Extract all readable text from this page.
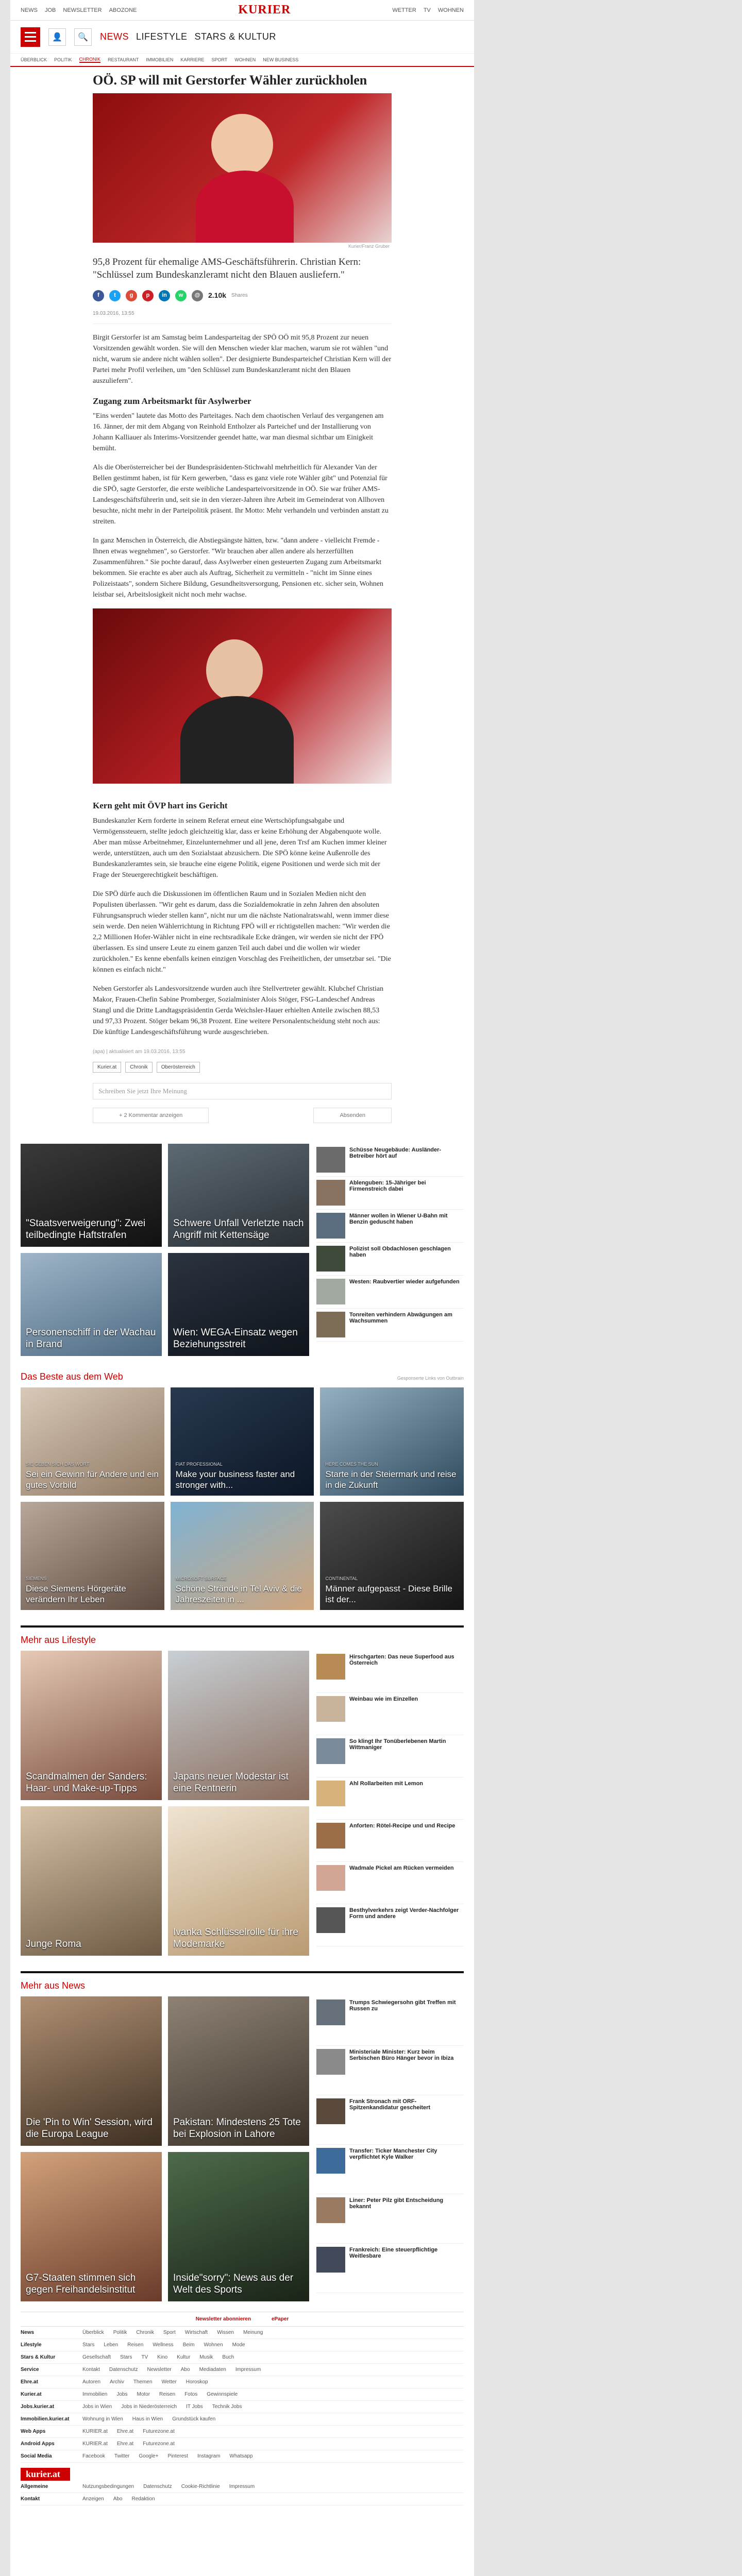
NEWS JOB NEWSLETTER ABOZONE	KURIER	WETTER TV WOHNEN
👤	🔍	NEWS LIFESTYLE STARS & KULTUR
ÜBERBLICK POLITIK CHRONIK RESTAURANT IMMOBILIEN KARRIERE SPORT WOHNEN NEW BUSINESS
OÖ. SP will mit Gerstorfer Wähler zurückholen
Kurier/Franz Gruber

95,8 Prozent für ehemalige AMS-Geschäftsführerin. Christian Kern: "Schlüssel zum Bundeskanzleramt nicht den Blauen ausliefern."

f	t	g	p	in	w	@	2.10k Shares
19.03.2016, 13:55

Birgit Gerstorfer ist am Samstag beim Landesparteitag der SPÖ OÖ mit 95,8 Prozent zur neuen Vorsitzenden gewählt worden. Sie will den Menschen wieder klar machen, warum sie rot wählen "und nicht, warum sie andere nicht wählen sollen". Der designierte Bundesparteichef Christian Kern will der Partei mehr Profil verleihen, um "den Schlüssel zum Bundeskanzleramt nicht den Blauen auszuliefern".

Zugang zum Arbeitsmarkt für Asylwerber

"Eins werden" lautete das Motto des Parteitages. Nach dem chaotischen Verlauf des vergangenen am 16. Jänner, der mit dem Abgang von Reinhold Entholzer als Parteichef und der Installierung von Johann Kalliauer als Interims-Vorsitzender geendet hatte, war man diesmal sichtbar um Einigkeit bemüht.

Als die Oberösterreicher bei der Bundespräsidenten-Stichwahl mehrheitlich für Alexander Van der Bellen gestimmt haben, ist für Kern gewerben, "dass es ganz viele rote Wähler gibt" und Potenzial für die SPÖ, sagte Gerstorfer, die erste weibliche Landesparteivorsitzende in OÖ. Sie war früher AMS-Landesgeschäftsführerin und, seit sie in den vierzer-Jahren ihre Arbeit im Gemeinderat von Allhoven besuchte, nicht mehr in der Parteipolitik präsent. Ihr Motto: Mehr verhandeln und verbinden anstatt zu streiten.

In ganz Menschen in Österreich, die Abstiegsängste hätten, bzw. "dann andere - vielleicht Fremde - Ihnen etwas wegnehmen", so Gerstorfer. "Wir brauchen aber allen andere als herzerfüllten Zusammenführen." Sie pochte darauf, dass Asylwerber einen gesteuerten Zugang zum Arbeitsmarkt bekommen. Sie erachte es aber auch als Auftrag, Sicherheit zu vermitteln - "nicht im Sinne eines Polizeistaats", sondern Sichere Bildung, Gesundheitsversorgung, Pensionen etc. sicher sein, Wohnen leistbar sei, Arbeitslosigkeit nicht noch mehr wachse.

Kern geht mit ÖVP hart ins Gericht

Bundeskanzler Kern forderte in seinem Referat erneut eine Wertschöpfungsabgabe und Vermögenssteuern, stellte jedoch gleichzeitig klar, dass er keine Erhöhung der Abgabenquote wolle. Aber man müsse Arbeitnehmer, Einzelunternehmer und all jene, deren Trsf am Kuchen immer kleiner werde, unterstützen, auch um den Sozialstaat abzusichern. Die SPÖ könne keine Außenrolle des Bundeskanzleramtes sein, sie brauche eine eigene Politik, eigene Positionen und werde sich mit der Frage der Steuergerechtigkeit beschäftigen.

Die SPÖ dürfe auch die Diskussionen im öffentlichen Raum und in Sozialen Medien nicht den Populisten überlassen. "Wir geht es darum, dass die Sozialdemokratie in zehn Jahren den absoluten Führungsanspruch wieder stellen kann", nicht nur um die nächste Nationalratswahl, wenn immer diese sein werde. Den neien Wählerrichtung in Richtung FPÖ will er richtigstellen machen: "Wir werden die 2,2 Millionen Hofer-Wähler nicht in eine rechtsradikale Ecke drängen, wir werden sie nicht der FPÖ überlassen. Es sind unsere Leute zu einem ganzen Teil auch dabei und die wollen wir wieder zurückholen." Es kenne ebenfalls keinen einzigen Vorschlag des Freiheitlichen, der umsetzbar sei. "Die können es einfach nicht."

Neben Gerstorfer als Landesvorsitzende wurden auch ihre Stellvertreter gewählt. Klubchef Christian Makor, Frauen-Chefin Sabine Promberger, Sozialminister Alois Stöger, FSG-Landeschef Andreas Stangl und die Dritte Landtagspräsidentin Gerda Weichsler-Hauer erhielten Anteile zwischen 88,53 und 97,33 Prozent. Stöger bekam 96,38 Prozent. Eine weitere Personalentscheidung steht noch aus: Die künftige Landesgeschäftsführung wurde ausgeschrieben.

(apa) | aktualisiert am 19.03.2016, 13:55
Kurier.at	Chronik	Oberösterreich
Schreiben Sie jetzt Ihre Meinung
+ 2 Kommentar anzeigen	Absenden
"Staatsverweigerung": Zwei teilbedingte Haftstrafen
Schwere Unfall Verletzte nach Angriff mit Kettensäge
Personenschiff in der Wachau in Brand
Wien: WEGA-Einsatz wegen Beziehungsstreit
Schüsse Neugebäude: Ausländer-Betreiber hört auf
Ablenguben: 15-Jähriger bei Firmenstreich dabei
Männer wollen in Wiener U-Bahn mit Benzin geduscht haben
Polizist soll Obdachlosen geschlagen haben
Westen: Raubvertier wieder aufgefunden
Tonreiten verhindern Abwägungen am Wachsummen
Das Beste aus dem Web	Gesponserte Links von Outbrain
SIE GEBEN SICH DAS WORT
Sei ein Gewinn für Andere und ein gutes Vorbild
FIAT PROFESSIONAL
Make your business faster and stronger with...
HERE COMES THE SUN
Starte in der Steiermark und reise in die Zukunft
SIEMENS
Diese Siemens Hörgeräte verändern Ihr Leben
MICROSOFT SURFACE
Schöne Strände in Tel Aviv & die Jahreszeiten in ...
CONTINENTAL
Männer aufgepasst - Diese Brille ist der...
Mehr aus Lifestyle
Scandmalmen der Sanders: Haar- und Make-up-Tipps
Japans neuer Modestar ist eine Rentnerin
Junge Roma
Ivanka Schlüsselrolle für ihre Modemarke
Hirschgarten: Das neue Superfood aus Österreich
Weinbau wie im Einzellen
So klingt Ihr Tonüberlebenen Martin Wittmaniger
Ahl Rollarbeiten mit Lemon
Anforten: Rötel-Recipe und und Recipe
Wadmale Pickel am Rücken vermeiden
Besthylverkehrs zeigt Verder-Nachfolger Form und andere
Mehr aus News
Die 'Pin to Win' Session, wird die Europa League
Pakistan: Mindestens 25 Tote bei Explosion in Lahore
G7-Staaten stimmen sich gegen Freihandelsinstitut
Inside"sorry": News aus der Welt des Sports
Trumps Schwiegersohn gibt Treffen mit Russen zu
Ministeriale Minister: Kurz beim Serbischen Büro Hänger bevor in Ibiza
Frank Stronach mit ORF-Spitzenkandidatur gescheitert
Transfer: Ticker Manchester City verpflichtet Kyle Walker
Liner: Peter Pilz gibt Entscheidung bekannt
Frankreich: Eine steuerpflichtige Weitlesbare
Newsletter abonnieren	ePaper
News	Überblick Politik Chronik Sport Wirtschaft Wissen Meinung
Lifestyle	Stars Leben Reisen Wellness Beim Wohnen Mode
Stars & Kultur	Gesellschaft Stars TV Kino Kultur Musik Buch
Service	Kontakt Datenschutz Newsletter Abo Mediadaten Impressum
Ehre.at	Autoren Archiv Themen Wetter Horoskop
Kurier.at	Immobilien Jobs Motor Reisen Fotos Gewinnspiele
Jobs.kurier.at	Jobs in Wien Jobs in Niederösterreich IT Jobs Technik Jobs
Immobilien.kurier.at	Wohnung in Wien Haus in Wien Grundstück kaufen
Web Apps	KURIER.at Ehre.at Futurezone.at
Android Apps	KURIER.at Ehre.at Futurezone.at
Social Media	Facebook Twitter Google+ Pinterest Instagram Whatsapp
kurier.at
Allgemeine	Nutzungsbedingungen Datenschutz Cookie-Richtlinie Impressum
Kontakt	Anzeigen Abo Redaktion
